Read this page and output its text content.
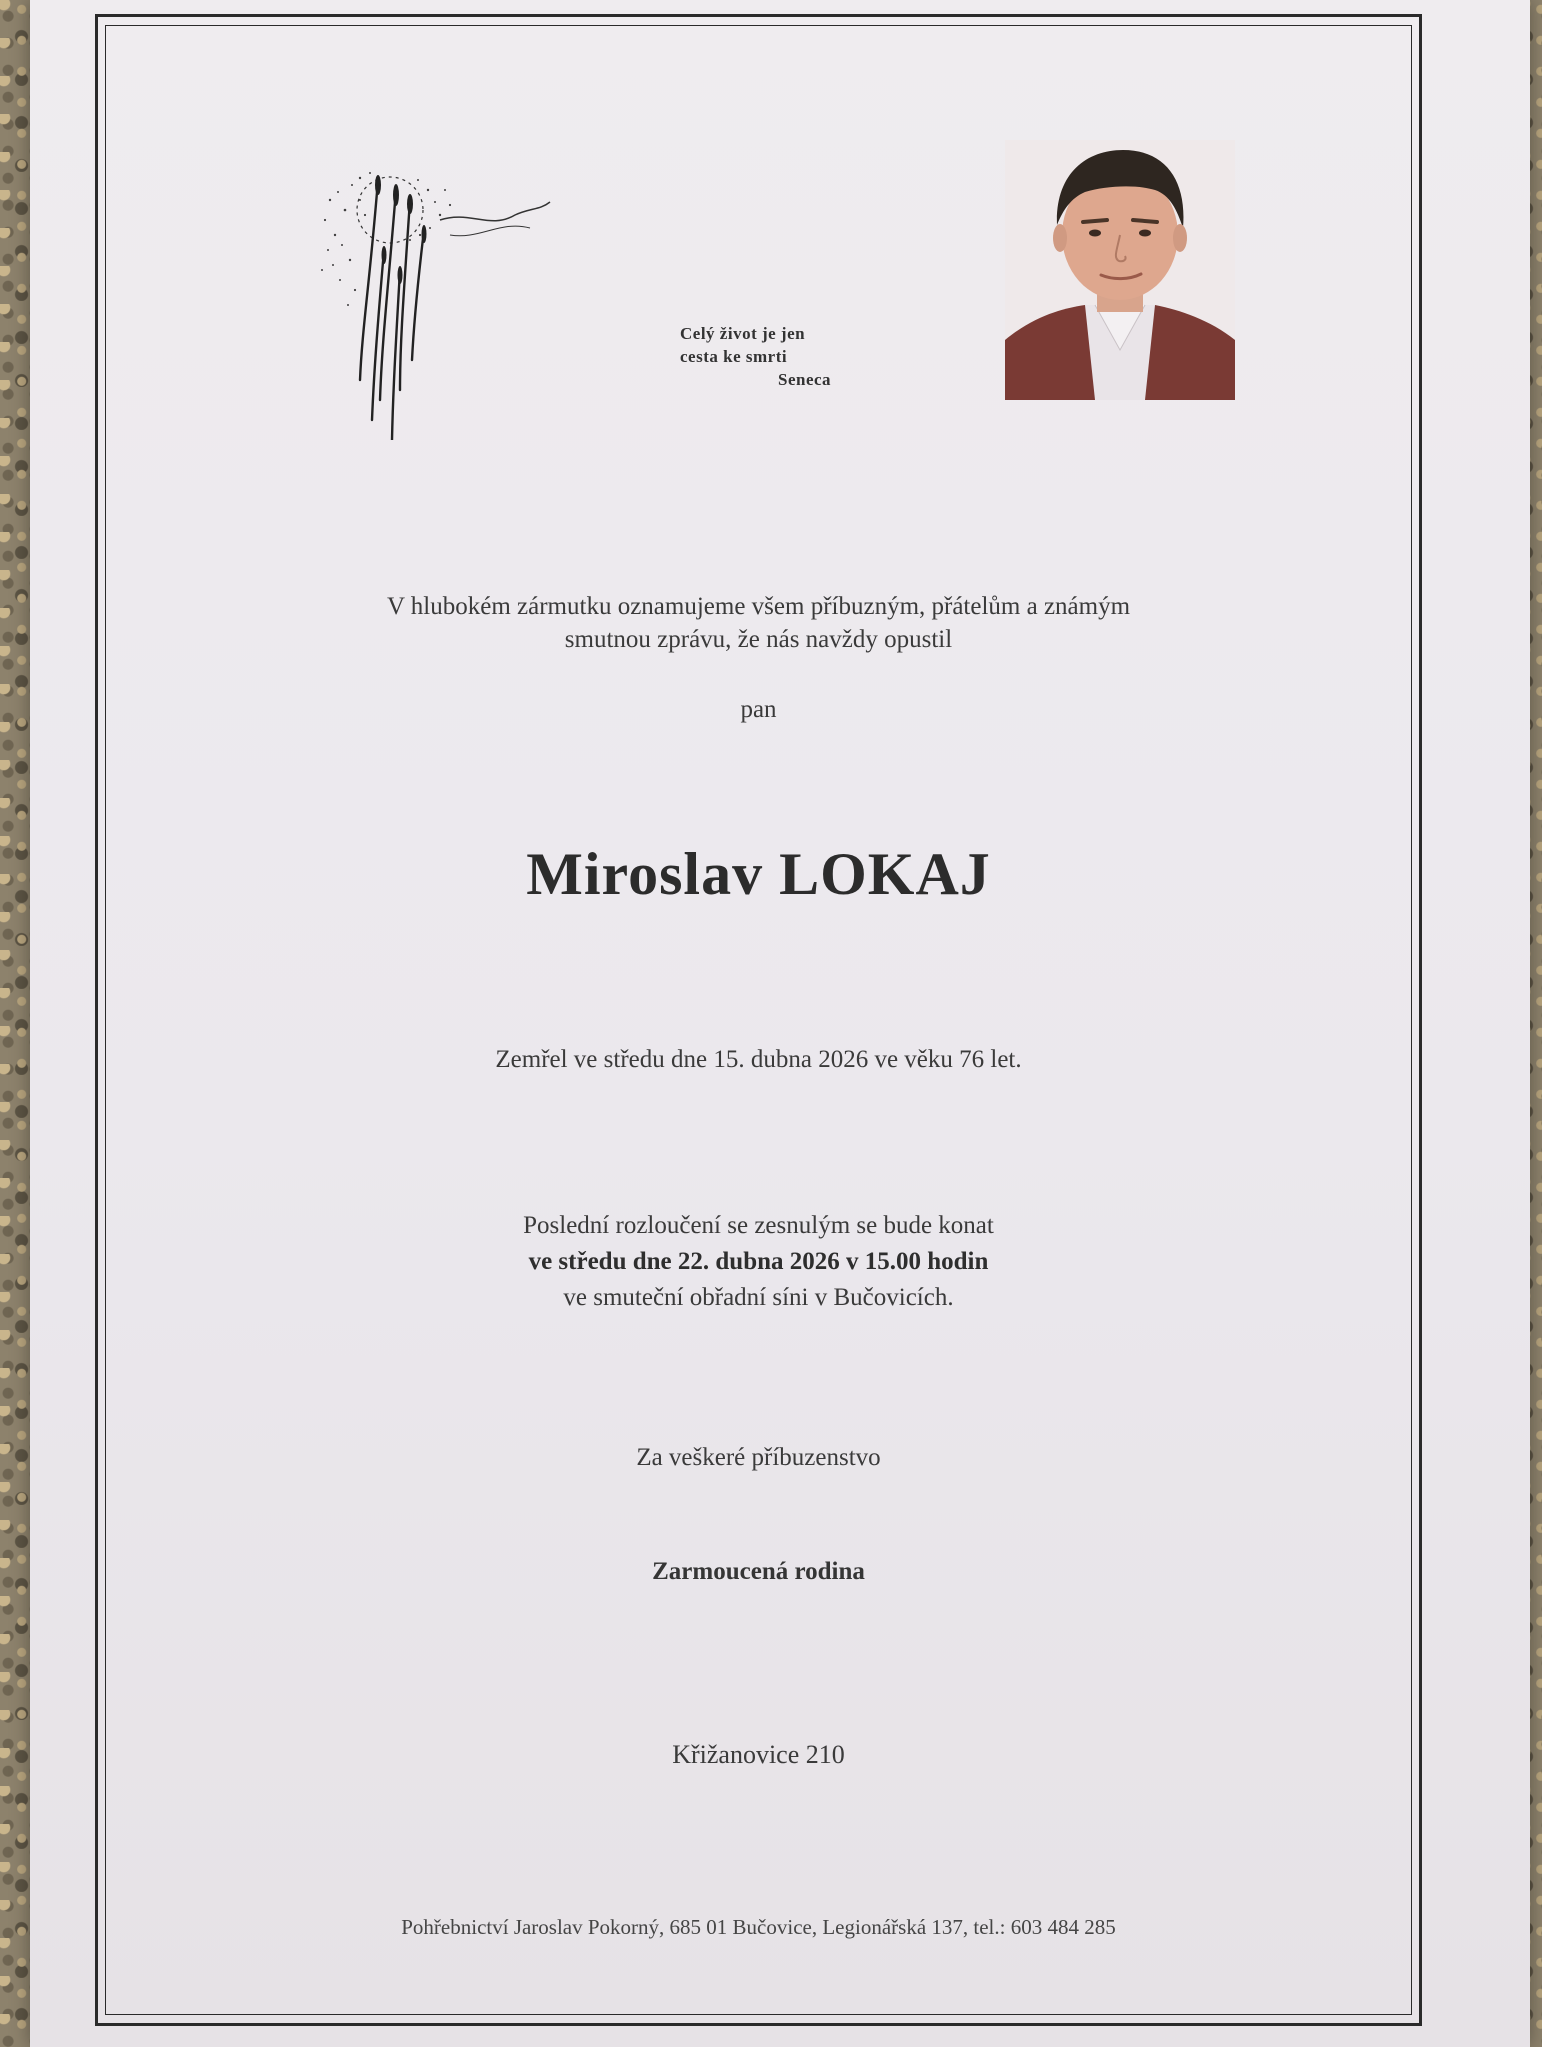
Celý život je jen
cesta ke smrti
Seneca
V hlubokém zármutku oznamujeme všem příbuzným, přátelům a známým
smutnou zprávu, že nás navždy opustil
pan
Miroslav LOKAJ
Zemřel ve středu dne 15. dubna 2026 ve věku 76 let.
Poslední rozloučení se zesnulým se bude konat
ve středu dne 22. dubna 2026 v 15.00 hodin
ve smuteční obřadní síni v Bučovicích.
Za veškeré příbuzenstvo
Zarmoucená rodina
Křižanovice 210
Pohřebnictví Jaroslav Pokorný, 685 01 Bučovice, Legionářská 137, tel.: 603 484 285
